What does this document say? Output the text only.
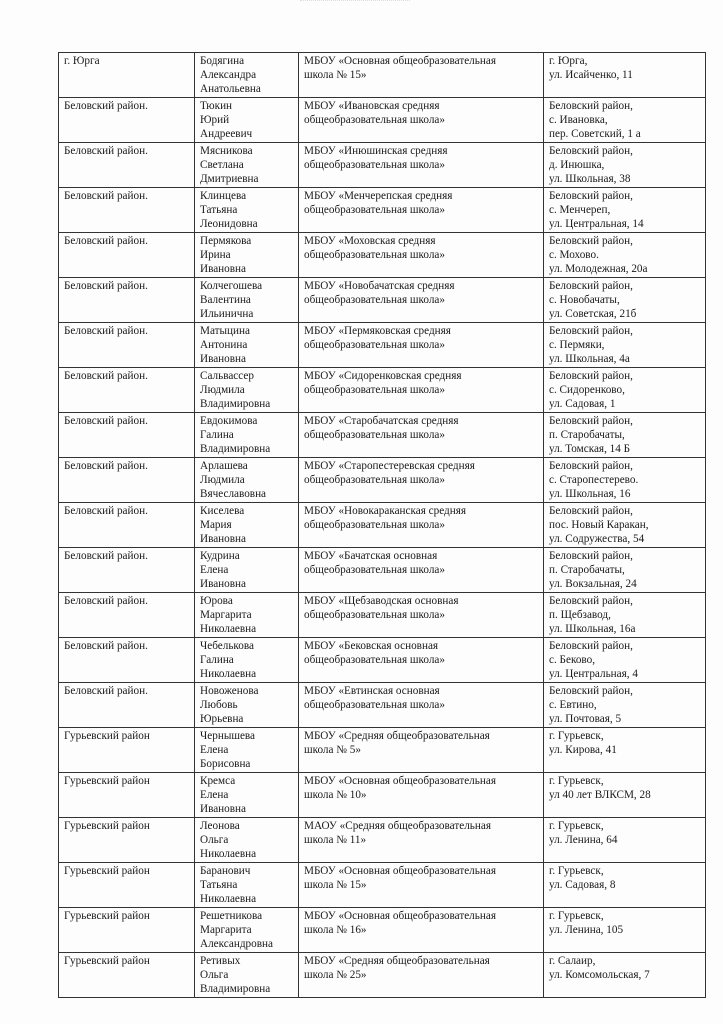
г. Юрга	Бодягина
Александра
Анатольевна	МБОУ «Основная общеобразовательная
школа № 15»	г. Юрга,
ул. Исайченко, 11

Беловский район.	Тюкин
Юрий
Андреевич	МБОУ «Ивановская средняя
общеобразовательная школа»	Беловский район,
с. Ивановка,
пер. Советский, 1 а

Беловский район.	Мясникова
Светлана
Дмитриевна	МБОУ «Инюшинская средняя
общеобразовательная школа»	Беловский район,
д. Инюшка,
ул. Школьная, 38

Беловский район.	Клинцева
Татьяна
Леонидовна	МБОУ «Менчерепская средняя
общеобразовательная школа»	Беловский район,
с. Менчереп,
ул. Центральная, 14

Беловский район.	Пермякова
Ирина
Ивановна	МБОУ «Моховская средняя
общеобразовательная школа»	Беловский район,
с. Мохово.
ул. Молодежная, 20а

Беловский район.	Колчегошева
Валентина
Ильинична	МБОУ «Новобачатская средняя
общеобразовательная школа»	Беловский район,
с. Новобачаты,
ул. Советская, 21б

Беловский район.	Матыцина
Антонина
Ивановна	МБОУ «Пермяковская средняя
общеобразовательная школа»	Беловский район,
с. Пермяки,
ул. Школьная, 4а

Беловский район.	Сальвассер
Людмила
Владимировна	МБОУ «Сидоренковская средняя
общеобразовательная школа»	Беловский район,
с. Сидоренково,
ул. Садовая, 1

Беловский район.	Евдокимова
Галина
Владимировна	МБОУ «Старобачатская средняя
общеобразовательная школа»	Беловский район,
п. Старобачаты,
ул. Томская, 14 Б

Беловский район.	Арлашева
Людмила
Вячеславовна	МБОУ «Старопестеревская средняя
общеобразовательная школа»	Беловский район,
с. Старопестерево.
ул. Школьная, 16

Беловский район.	Киселева
Мария
Ивановна	МБОУ «Новокараканская средняя
общеобразовательная школа»	Беловский район,
пос. Новый Каракан,
ул. Содружества, 54

Беловский район.	Кудрина
Елена
Ивановна	МБОУ «Бачатская основная
общеобразовательная школа»	Беловский район,
п. Старобачаты,
ул. Вокзальная, 24

Беловский район.	Юрова
Маргарита
Николаевна	МБОУ «Щебзаводская основная
общеобразовательная школа»	Беловский район,
п. Щебзавод,
ул. Школьная, 16а

Беловский район.	Чебелькова
Галина
Николаевна	МБОУ «Бековская основная
общеобразовательная школа»	Беловский район,
с. Беково,
ул. Центральная, 4

Беловский район.	Новоженова
Любовь
Юрьевна	МБОУ «Евтинская основная
общеобразовательная школа»	Беловский район,
с. Евтино,
ул. Почтовая, 5

Гурьевский район	Чернышева
Елена
Борисовна	МБОУ «Средняя общеобразовательная
школа № 5»	г. Гурьевск,
ул. Кирова, 41

Гурьевский район	Кремса
Елена
Ивановна	МБОУ «Основная общеобразовательная
школа № 10»	г. Гурьевск,
ул 40 лет ВЛКСМ, 28

Гурьевский район	Леонова
Ольга
Николаевна	МАОУ «Средняя общеобразовательная
школа № 11»	г. Гурьевск,
ул. Ленина, 64

Гурьевский район	Баранович
Татьяна
Николаевна	МБОУ «Основная общеобразовательная
школа № 15»	г. Гурьевск,
ул. Садовая, 8

Гурьевский район	Решетникова
Маргарита
Александровна	МБОУ «Основная общеобразовательная
школа № 16»	г. Гурьевск,
ул. Ленина, 105

Гурьевский район	Ретивых
Ольга
Владимировна	МБОУ «Средняя общеобразовательная
школа № 25»	г. Салаир,
ул. Комсомольская, 7
